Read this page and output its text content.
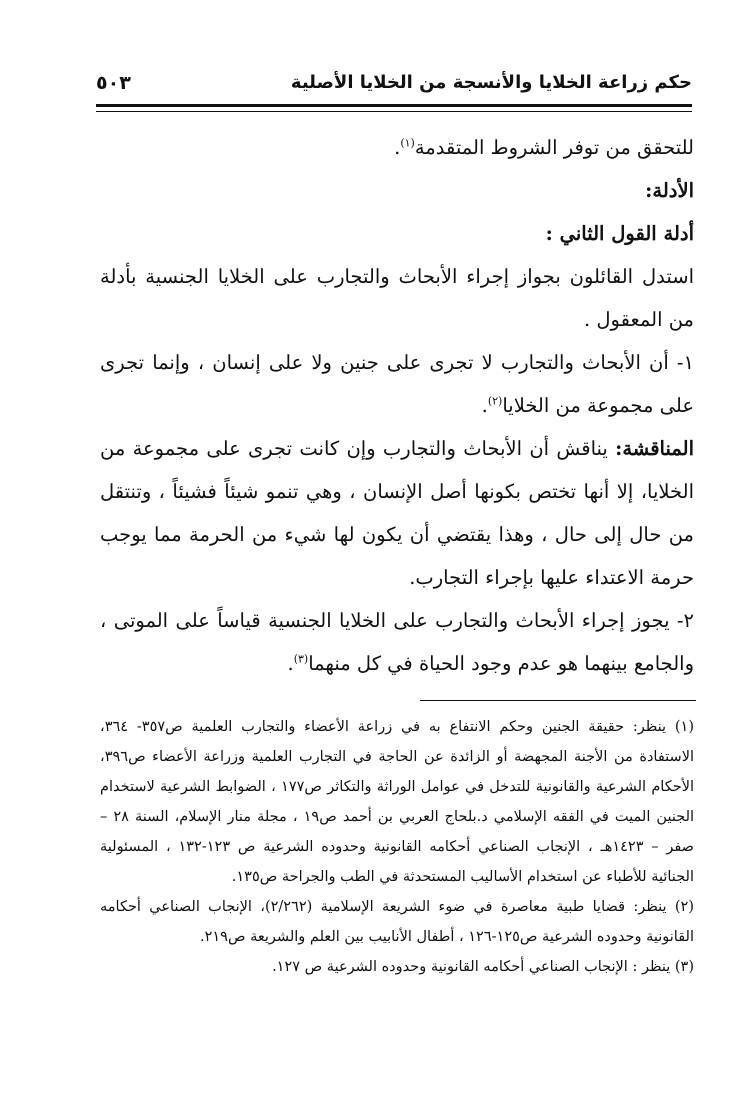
حكم زراعة الخلايا والأنسجة من الخلايا الأصلية
٥٠٣

للتحقق من توفر الشروط المتقدمة$^{(١)}$.

الأدلة:

أدلة القول الثاني :

استدل القائلون بجواز إجراء الأبحاث والتجارب على الخلايا الجنسية بأدلة من المعقول .

١- أن الأبحاث والتجارب لا تجرى على جنين ولا على إنسان ، وإنما تجرى على مجموعة من الخلايا$^{(٢)}$.

المناقشة: يناقش أن الأبحاث والتجارب وإن كانت تجرى على مجموعة من الخلايا، إلا أنها تختص بكونها أصل الإنسان ، وهي تنمو شيئاً فشيئاً ، وتنتقل من حال إلى حال ، وهذا يقتضي أن يكون لها شيء من الحرمة مما يوجب حرمة الاعتداء عليها بإجراء التجارب.

٢- يجوز إجراء الأبحاث والتجارب على الخلايا الجنسية قياساً على الموتى ، والجامع بينهما هو عدم وجود الحياة في كل منهما$^{(٣)}$.

(١) ينظر: حقيقة الجنين وحكم الانتفاع به في زراعة الأعضاء والتجارب العلمية ص٣٥٧- ٣٦٤، الاستفادة من الأجنة المجهضة أو الزائدة عن الحاجة في التجارب العلمية وزراعة الأعضاء ص٣٩٦، الأحكام الشرعية والقانونية للتدخل في عوامل الوراثة والتكاثر ص١٧٧ ، الضوابط الشرعية لاستخدام الجنين الميت في الفقه الإسلامي د.بلحاج العربي بن أحمد ص١٩ ، مجلة منار الإسلام، السنة ٢٨ – صفر – ١٤٢٣هـ ، الإنجاب الصناعي أحكامه القانونية وحدوده الشرعية ص ١٢٣-١٣٢ ، المسئولية الجنائية للأطباء عن استخدام الأساليب المستحدثة في الطب والجراحة ص١٣٥.

(٢) ينظر: قضايا طبية معاصرة في ضوء الشريعة الإسلامية (٢/٢٦٢)، الإنجاب الصناعي أحكامه القانونية وحدوده الشرعية ص١٢٥-١٢٦ ، أطفال الأنابيب بين العلم والشريعة ص٢١٩.

(٣) ينظر : الإنجاب الصناعي أحكامه القانونية وحدوده الشرعية ص ١٢٧.
